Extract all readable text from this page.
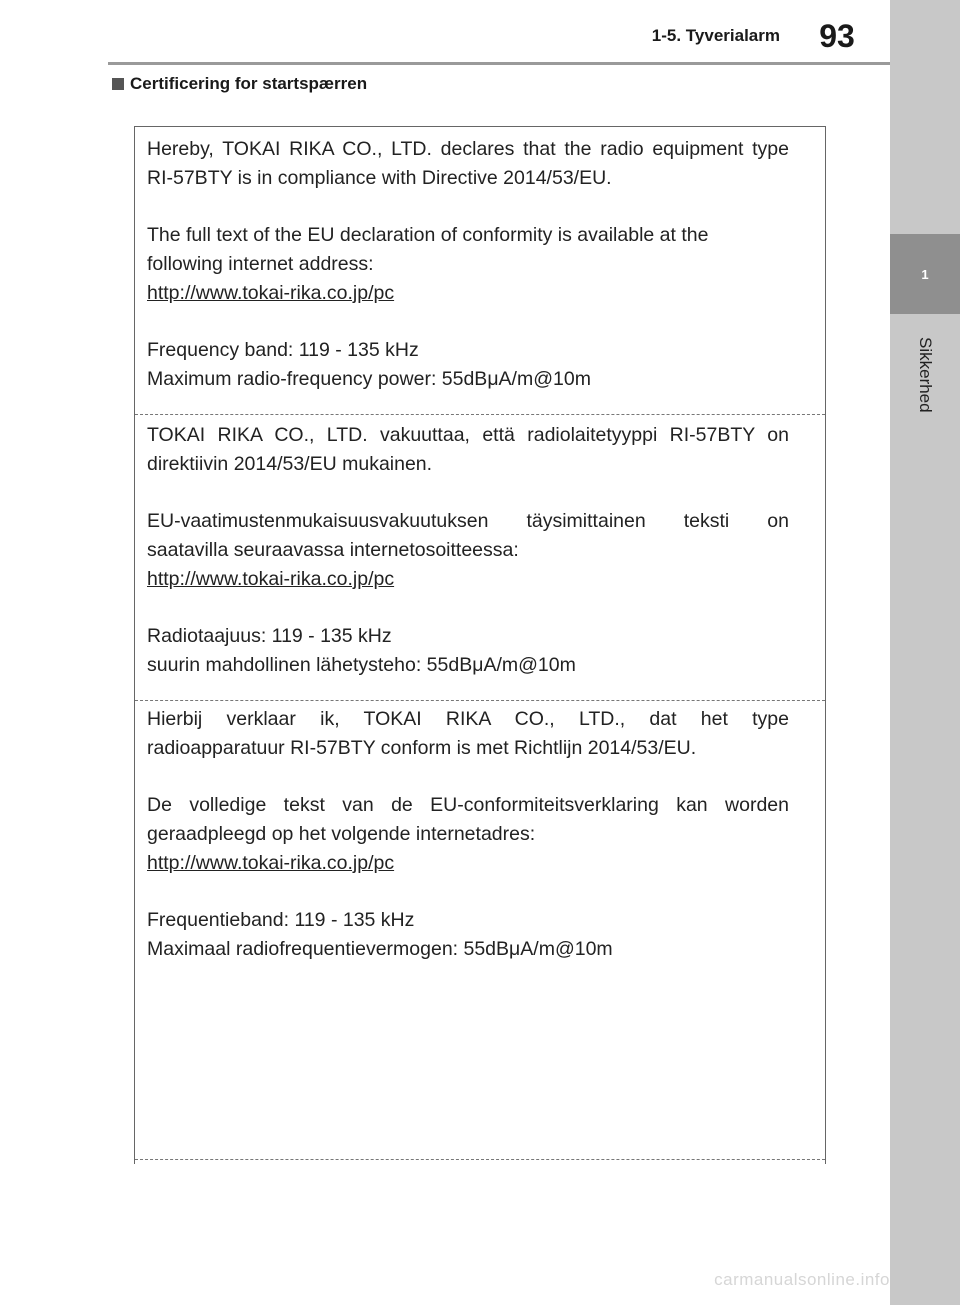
1
Sikkerhed
1-5. Tyverialarm	93
Certificering for startspærren

Hereby, TOKAI RIKA CO., LTD. declares that the radio equipment type

RI-57BTY is in compliance with Directive 2014/53/EU.

The full text of the EU declaration of conformity is available at the

following internet address:

http://www.tokai-rika.co.jp/pc

Frequency band: 119 - 135 kHz

Maximum radio-frequency power: 55dBμA/m@10m

TOKAI RIKA CO., LTD. vakuuttaa, että radiolaitetyyppi RI-57BTY on

direktiivin 2014/53/EU mukainen.

EU-vaatimustenmukaisuusvakuutuksen täysimittainen teksti on

saatavilla seuraavassa internetosoitteessa:

http://www.tokai-rika.co.jp/pc

Radiotaajuus: 119 - 135 kHz

suurin mahdollinen lähetysteho: 55dBμA/m@10m

Hierbij verklaar ik, TOKAI RIKA CO., LTD., dat het type

radioapparatuur RI-57BTY conform is met Richtlijn 2014/53/EU.

De volledige tekst van de EU-conformiteitsverklaring kan worden

geraadpleegd op het volgende internetadres:

http://www.tokai-rika.co.jp/pc

Frequentieband: 119 - 135 kHz

Maximaal radiofrequentievermogen: 55dBμA/m@10m

carmanualsonline.info
